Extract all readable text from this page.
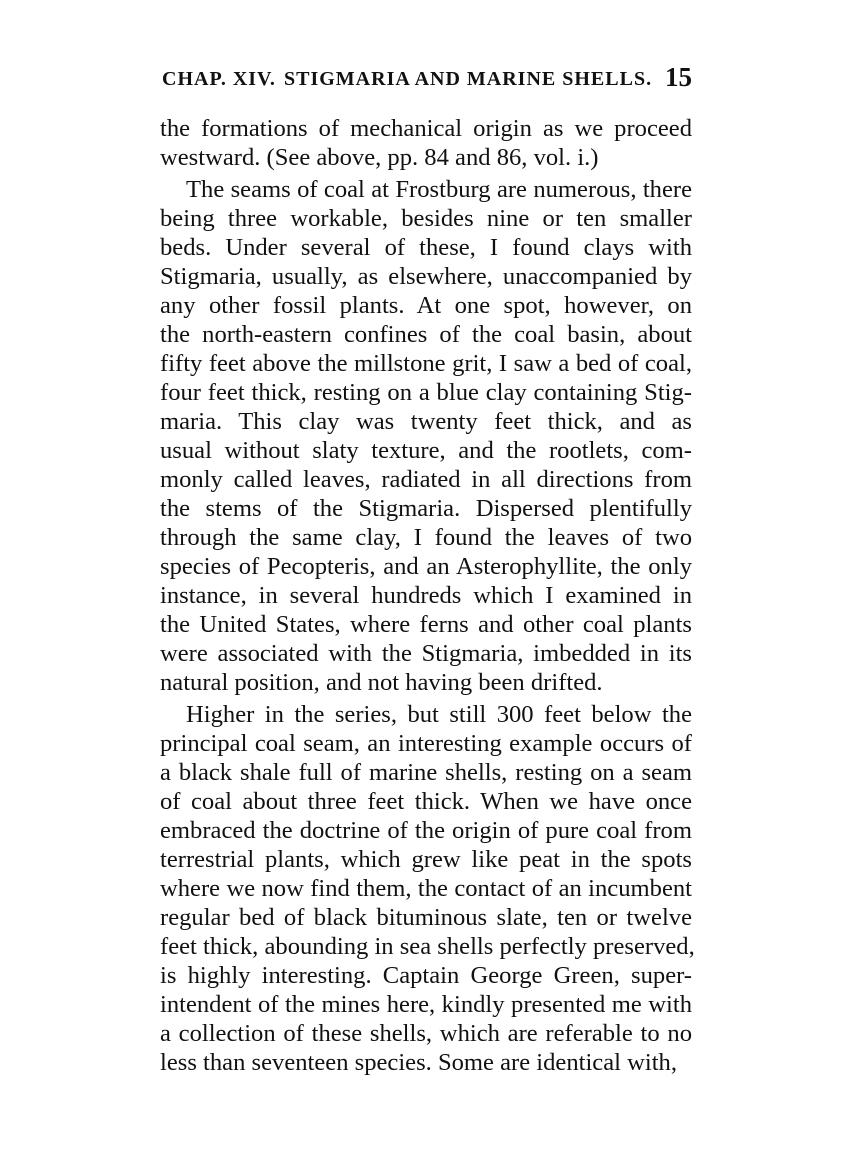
CHAP. XIV. STIGMARIA AND MARINE SHELLS. 15
the formations of mechanical origin as we proceed
westward. (See above, pp. 84 and 86, vol. i.)
The seams of coal at Frostburg are numerous, there
being three workable, besides nine or ten smaller
beds. Under several of these, I found clays with
Stigmaria, usually, as elsewhere, unaccompanied by
any other fossil plants. At one spot, however, on
the north-eastern confines of the coal basin, about
fifty feet above the millstone grit, I saw a bed of coal,
four feet thick, resting on a blue clay containing Stig-
maria. This clay was twenty feet thick, and as
usual without slaty texture, and the rootlets, com-
monly called leaves, radiated in all directions from
the stems of the Stigmaria. Dispersed plentifully
through the same clay, I found the leaves of two
species of Pecopteris, and an Asterophyllite, the only
instance, in several hundreds which I examined in
the United States, where ferns and other coal plants
were associated with the Stigmaria, imbedded in its
natural position, and not having been drifted.
Higher in the series, but still 300 feet below the
principal coal seam, an interesting example occurs of
a black shale full of marine shells, resting on a seam
of coal about three feet thick. When we have once
embraced the doctrine of the origin of pure coal from
terrestrial plants, which grew like peat in the spots
where we now find them, the contact of an incumbent
regular bed of black bituminous slate, ten or twelve
feet thick, abounding in sea shells perfectly preserved,
is highly interesting. Captain George Green, super-
intendent of the mines here, kindly presented me with
a collection of these shells, which are referable to no
less than seventeen species. Some are identical with,
